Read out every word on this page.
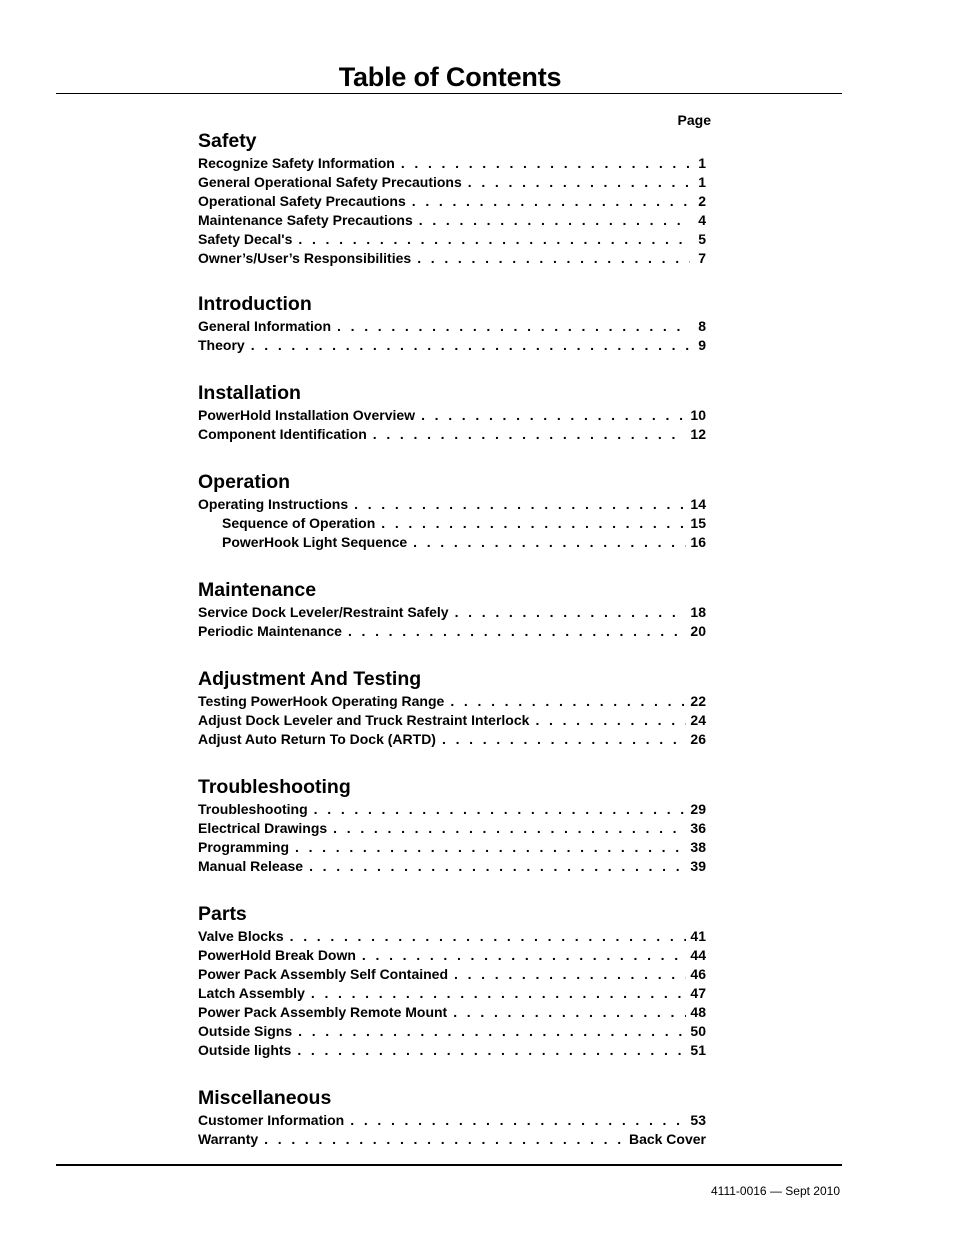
Table of Contents
Page
Safety
Recognize Safety Information . . .	1
General Operational Safety Precautions . . .	1
Operational Safety Precautions . . .	2
Maintenance Safety Precautions . . .	4
Safety Decal's . . .	5
Owner’s/User’s Responsibilities . . .	7
Introduction
General Information . . .	8
Theory . . .	9
Installation
PowerHold Installation Overview . . .	10
Component Identification . . .	12
Operation
Operating Instructions . . .	14
Sequence of Operation . . .	15
PowerHook Light Sequence . . .	16
Maintenance
Service Dock Leveler/Restraint Safely . . .	18
Periodic Maintenance . . .	20
Adjustment And Testing
Testing PowerHook Operating Range . . .	22
Adjust Dock Leveler and Truck Restraint Interlock . . .	24
Adjust Auto Return To Dock (ARTD) . . .	26
Troubleshooting
Troubleshooting . . .	29
Electrical Drawings . . .	36
Programming . . .	38
Manual Release . . .	39
Parts
Valve Blocks . . .	41
PowerHold Break Down . . .	44
Power Pack Assembly Self Contained . . .	46
Latch Assembly . . .	47
Power Pack Assembly Remote Mount . . .	48
Outside Signs . . .	50
Outside lights . . .	51
Miscellaneous
Customer Information . . .	53
Warranty . . .	Back Cover
4111-0016 — Sept 2010
